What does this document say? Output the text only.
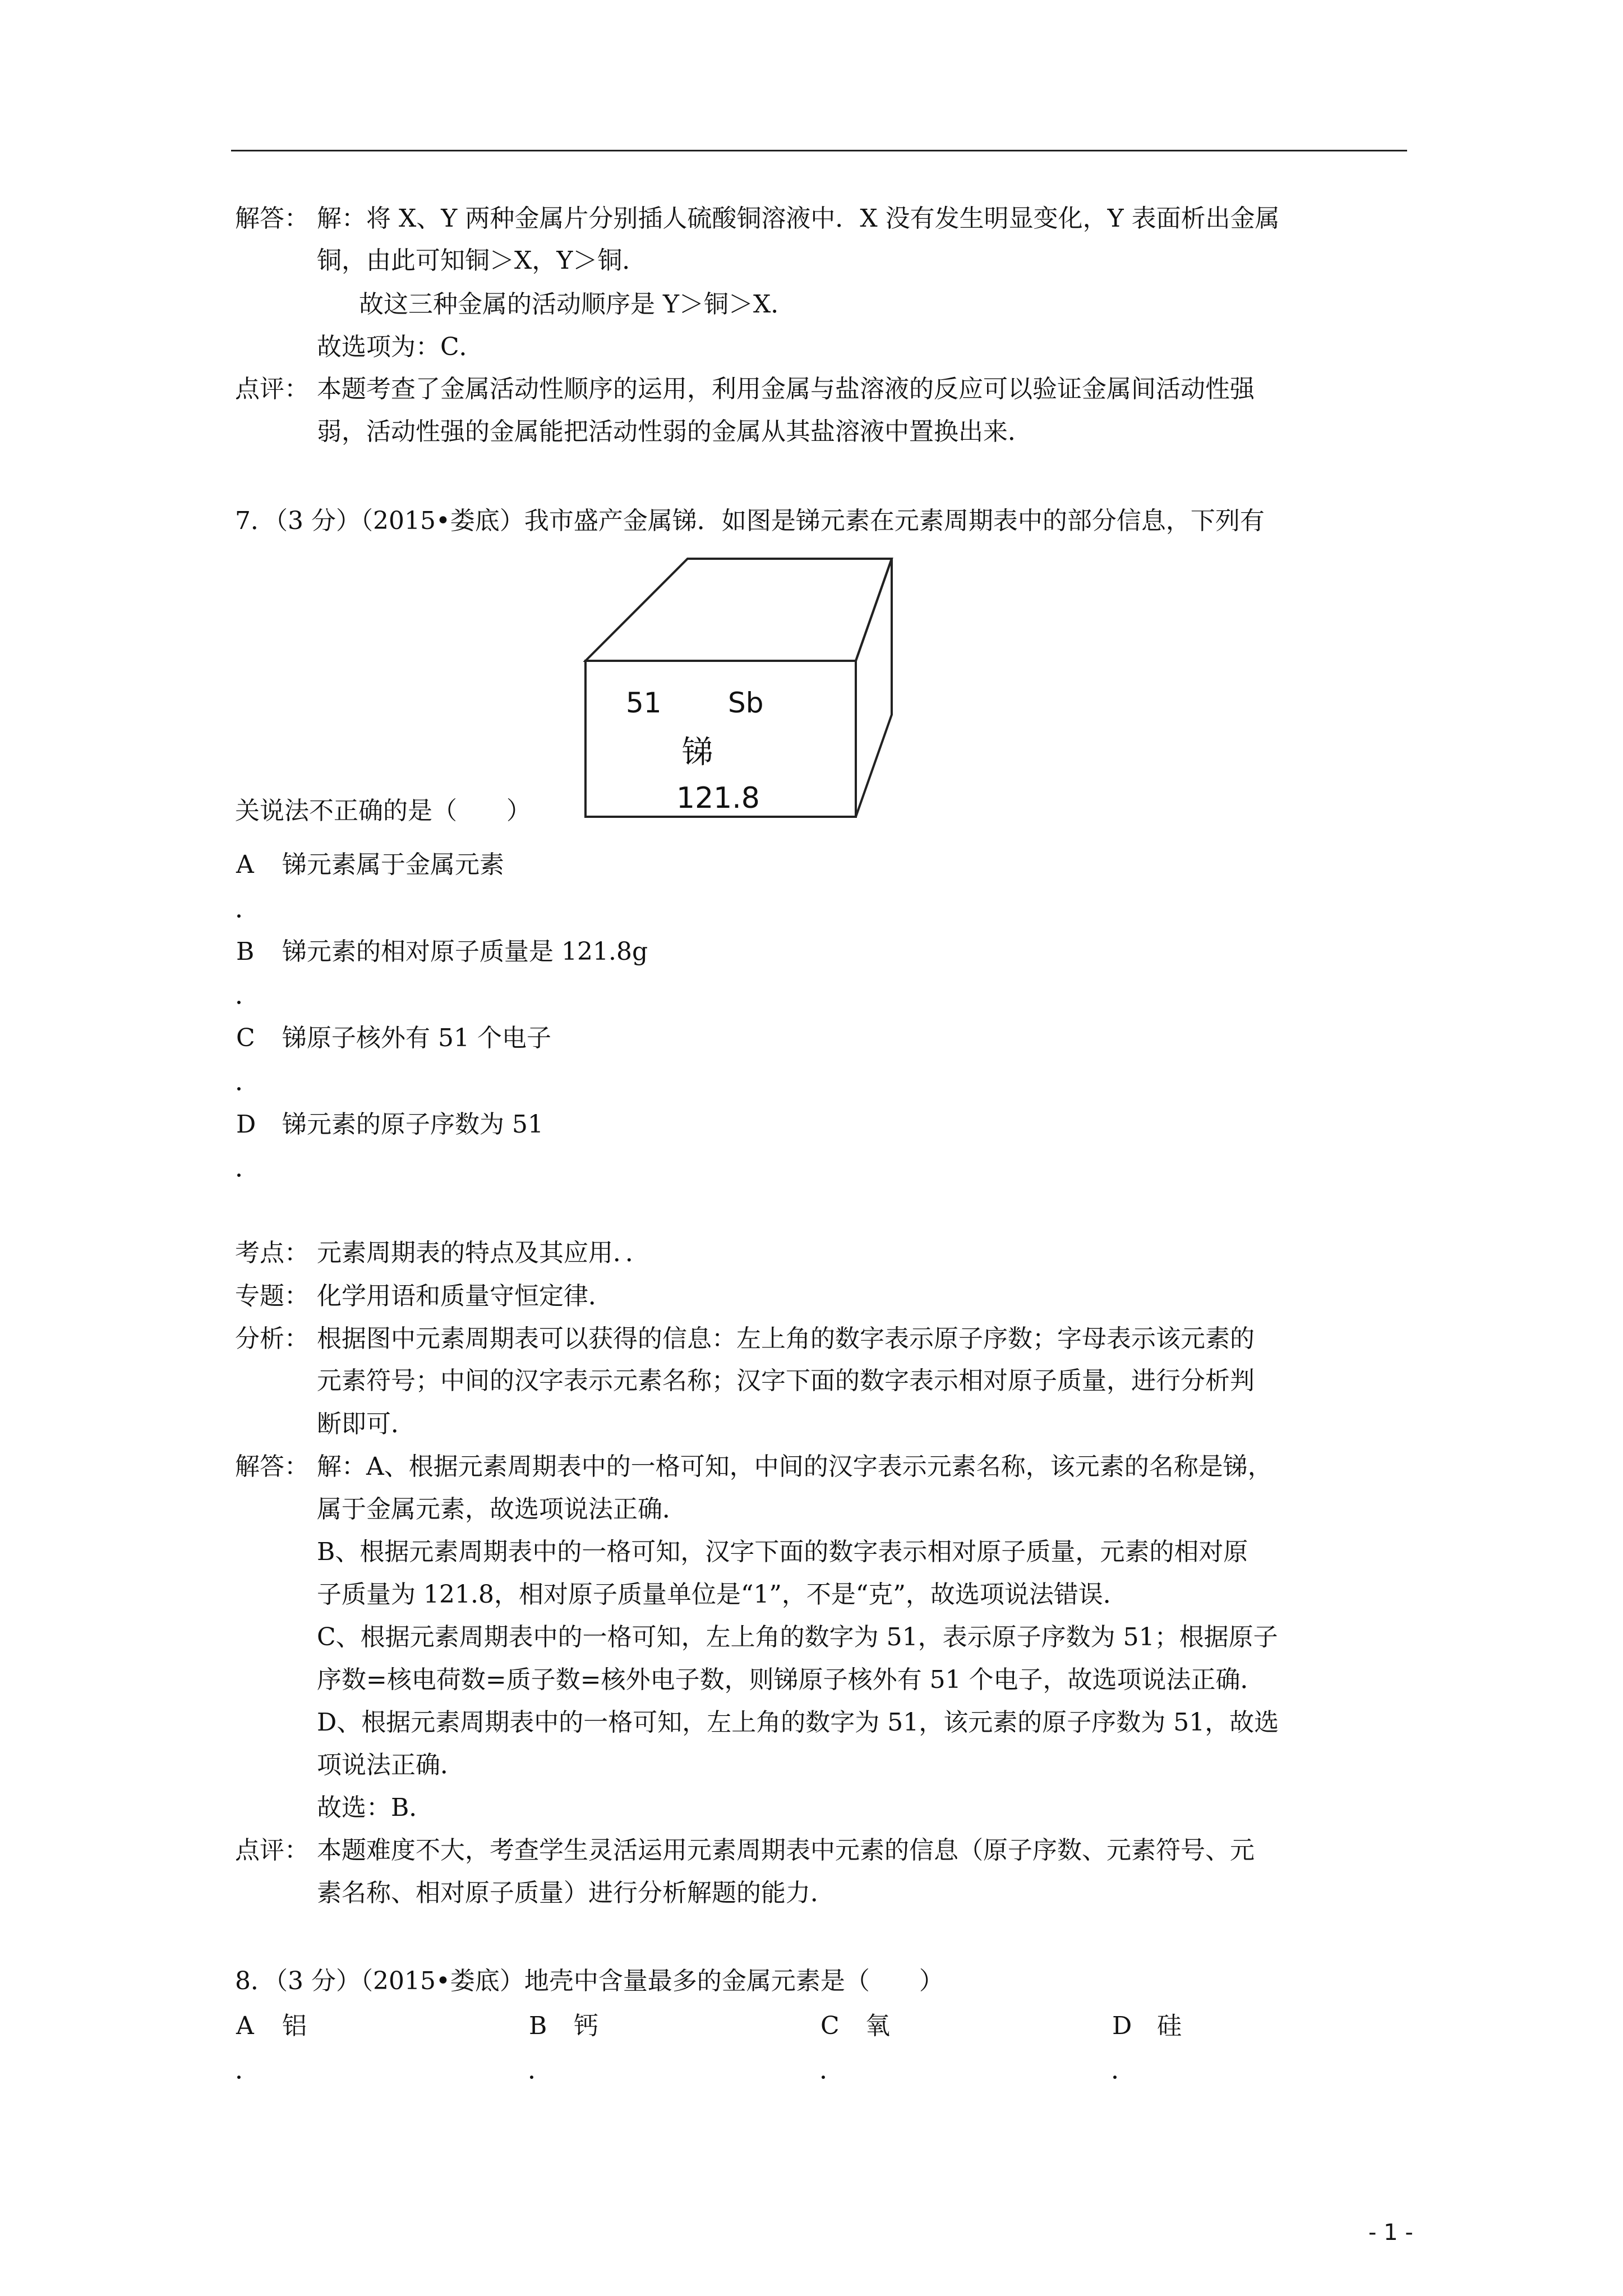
解答： 解：将 X、Y 两种金属片分别插人硫酸铜溶液中．X 没有发生明显变化，Y 表面析出金属
铜，由此可知铜＞X，Y＞铜．
故这三种金属的活动顺序是 Y＞铜＞X．
故选项为：C．
点评： 本题考查了金属活动性顺序的运用，利用金属与盐溶液的反应可以验证金属间活动性强
弱，活动性强的金属能把活动性弱的金属从其盐溶液中置换出来．
7．（3 分）（2015•娄底）我市盛产金属锑．如图是锑元素在元素周期表中的部分信息，下列有
51 Sb
锑
121.8
关说法不正确的是（　　）
A 锑元素属于金属元素
B 锑元素的相对原子质量是 121.8g
C 锑原子核外有 51 个电子
D 锑元素的原子序数为 51
考点： 元素周期表的特点及其应用．．
专题： 化学用语和质量守恒定律．
分析： 根据图中元素周期表可以获得的信息：左上角的数字表示原子序数；字母表示该元素的
元素符号；中间的汉字表示元素名称；汉字下面的数字表示相对原子质量，进行分析判
断即可．
解答： 解：A、根据元素周期表中的一格可知，中间的汉字表示元素名称，该元素的名称是锑，
属于金属元素，故选项说法正确．
B、根据元素周期表中的一格可知，汉字下面的数字表示相对原子质量，元素的相对原
子质量为 121.8，相对原子质量单位是“1”，不是“克”，故选项说法错误．
C、根据元素周期表中的一格可知，左上角的数字为 51，表示原子序数为 51；根据原子
序数=核电荷数=质子数=核外电子数，则锑原子核外有 51 个电子，故选项说法正确．
D、根据元素周期表中的一格可知，左上角的数字为 51，该元素的原子序数为 51，故选
项说法正确．
故选：B．
点评： 本题难度不大，考查学生灵活运用元素周期表中元素的信息（原子序数、元素符号、元
素名称、相对原子质量）进行分析解题的能力．
8．（3 分）（2015•娄底）地壳中含量最多的金属元素是（　　）
A 铝	B 钙	C 氧	D 硅
- 1 -
